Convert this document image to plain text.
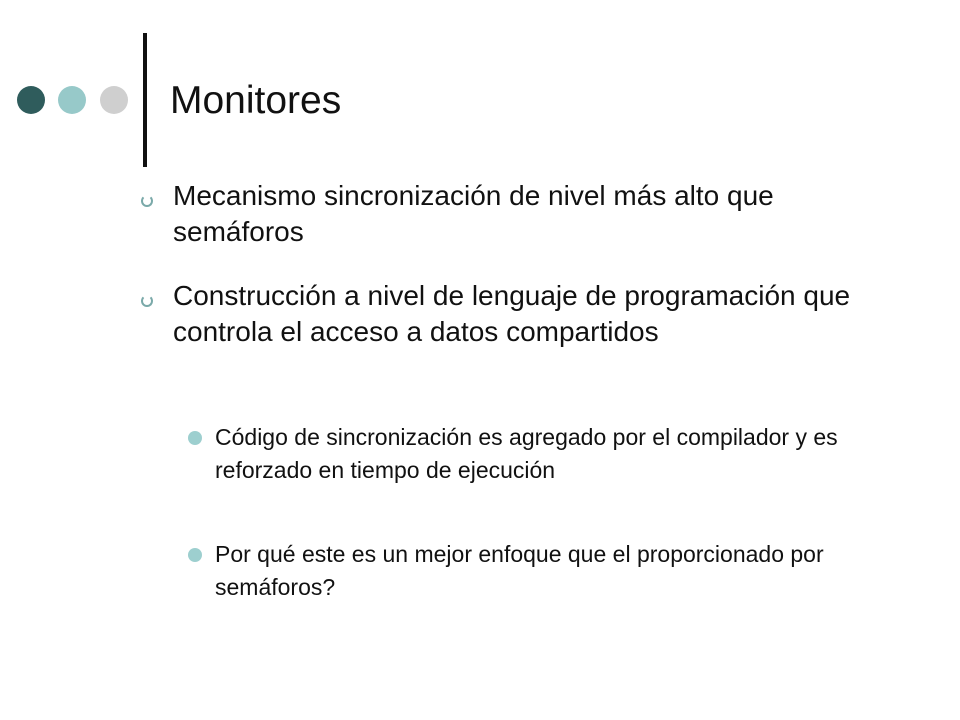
Monitores
Mecanismo sincronización de nivel más alto que semáforos
Construcción a nivel de lenguaje de programación que controla el acceso a datos compartidos
Código de sincronización es agregado por el compilador y es reforzado en tiempo de ejecución
Por qué este es un mejor enfoque que el proporcionado por semáforos?
